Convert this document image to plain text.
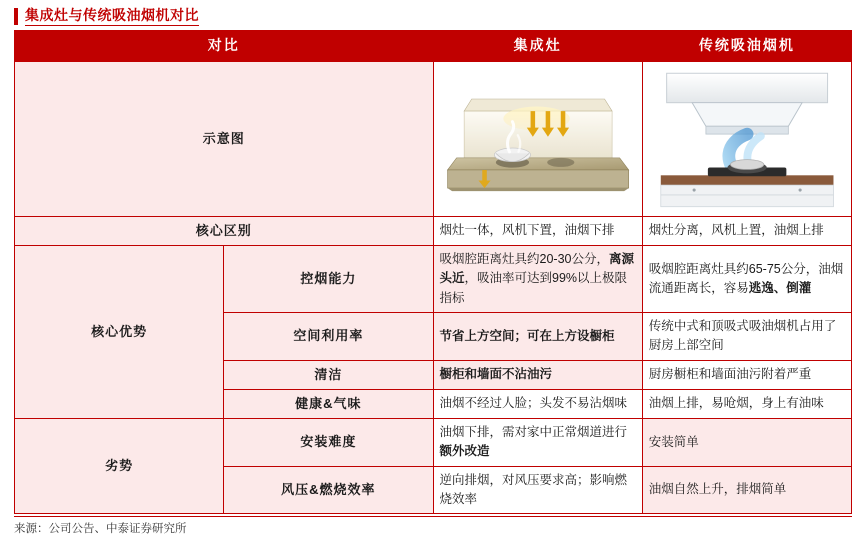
集成灶与传统吸油烟机对比
对比		集成灶	传统吸油烟机
示意图	

核心区别		烟灶一体，风机下置，油烟下排	烟灶分离，风机上置，油烟上排
核心优势	控烟能力	吸烟腔距离灶具约20-30公分，离源头近，吸油率可达到99%以上极限指标	吸烟腔距离灶具约65-75公分，油烟流通距离长，容易逃逸、倒灌
	空间利用率	节省上方空间；可在上方设橱柜	传统中式和顶吸式吸油烟机占用了厨房上部空间
	清洁	橱柜和墙面不沾油污	厨房橱柜和墙面油污附着严重
	健康&气味	油烟不经过人脸；头发不易沾烟味	油烟上排，易呛烟，身上有油味
劣势	安装难度	油烟下排，需对家中正常烟道进行额外改造	安装简单
	风压&燃烧效率	逆向排烟，对风压要求高；影响燃烧效率	油烟自然上升，排烟简单
来源：公司公告、中泰证券研究所
